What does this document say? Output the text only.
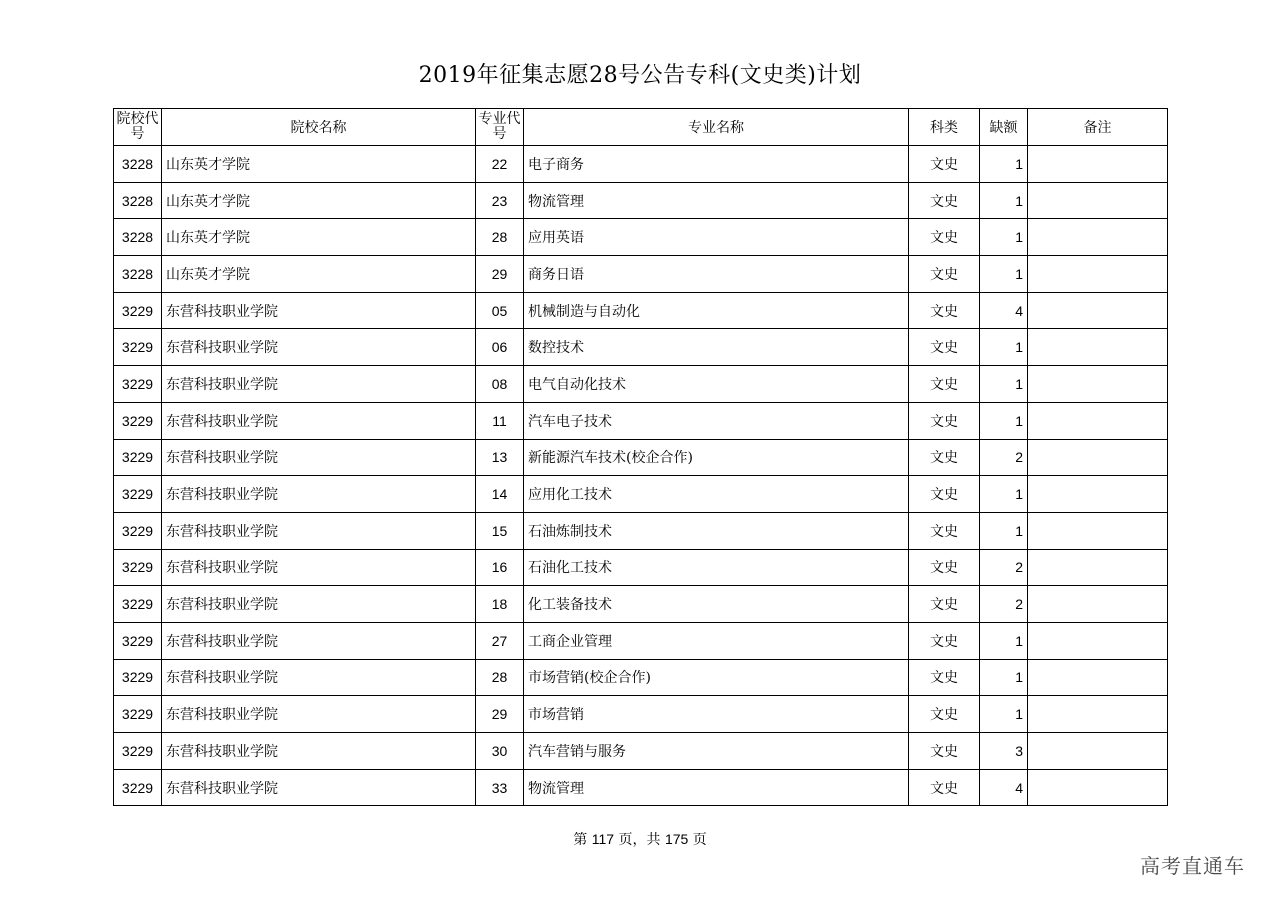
2019年征集志愿28号公告专科(文史类)计划
院校代号	院校名称	专业代号	专业名称	科类	缺额	备注
3228	山东英才学院	22	电子商务	文史	1	
3228	山东英才学院	23	物流管理	文史	1	
3228	山东英才学院	28	应用英语	文史	1	
3228	山东英才学院	29	商务日语	文史	1	
3229	东营科技职业学院	05	机械制造与自动化	文史	4	
3229	东营科技职业学院	06	数控技术	文史	1	
3229	东营科技职业学院	08	电气自动化技术	文史	1	
3229	东营科技职业学院	11	汽车电子技术	文史	1	
3229	东营科技职业学院	13	新能源汽车技术(校企合作)	文史	2	
3229	东营科技职业学院	14	应用化工技术	文史	1	
3229	东营科技职业学院	15	石油炼制技术	文史	1	
3229	东营科技职业学院	16	石油化工技术	文史	2	
3229	东营科技职业学院	18	化工装备技术	文史	2	
3229	东营科技职业学院	27	工商企业管理	文史	1	
3229	东营科技职业学院	28	市场营销(校企合作)	文史	1	
3229	东营科技职业学院	29	市场营销	文史	1	
3229	东营科技职业学院	30	汽车营销与服务	文史	3	
3229	东营科技职业学院	33	物流管理	文史	4	
第 117 页，共 175 页
高考直通车
